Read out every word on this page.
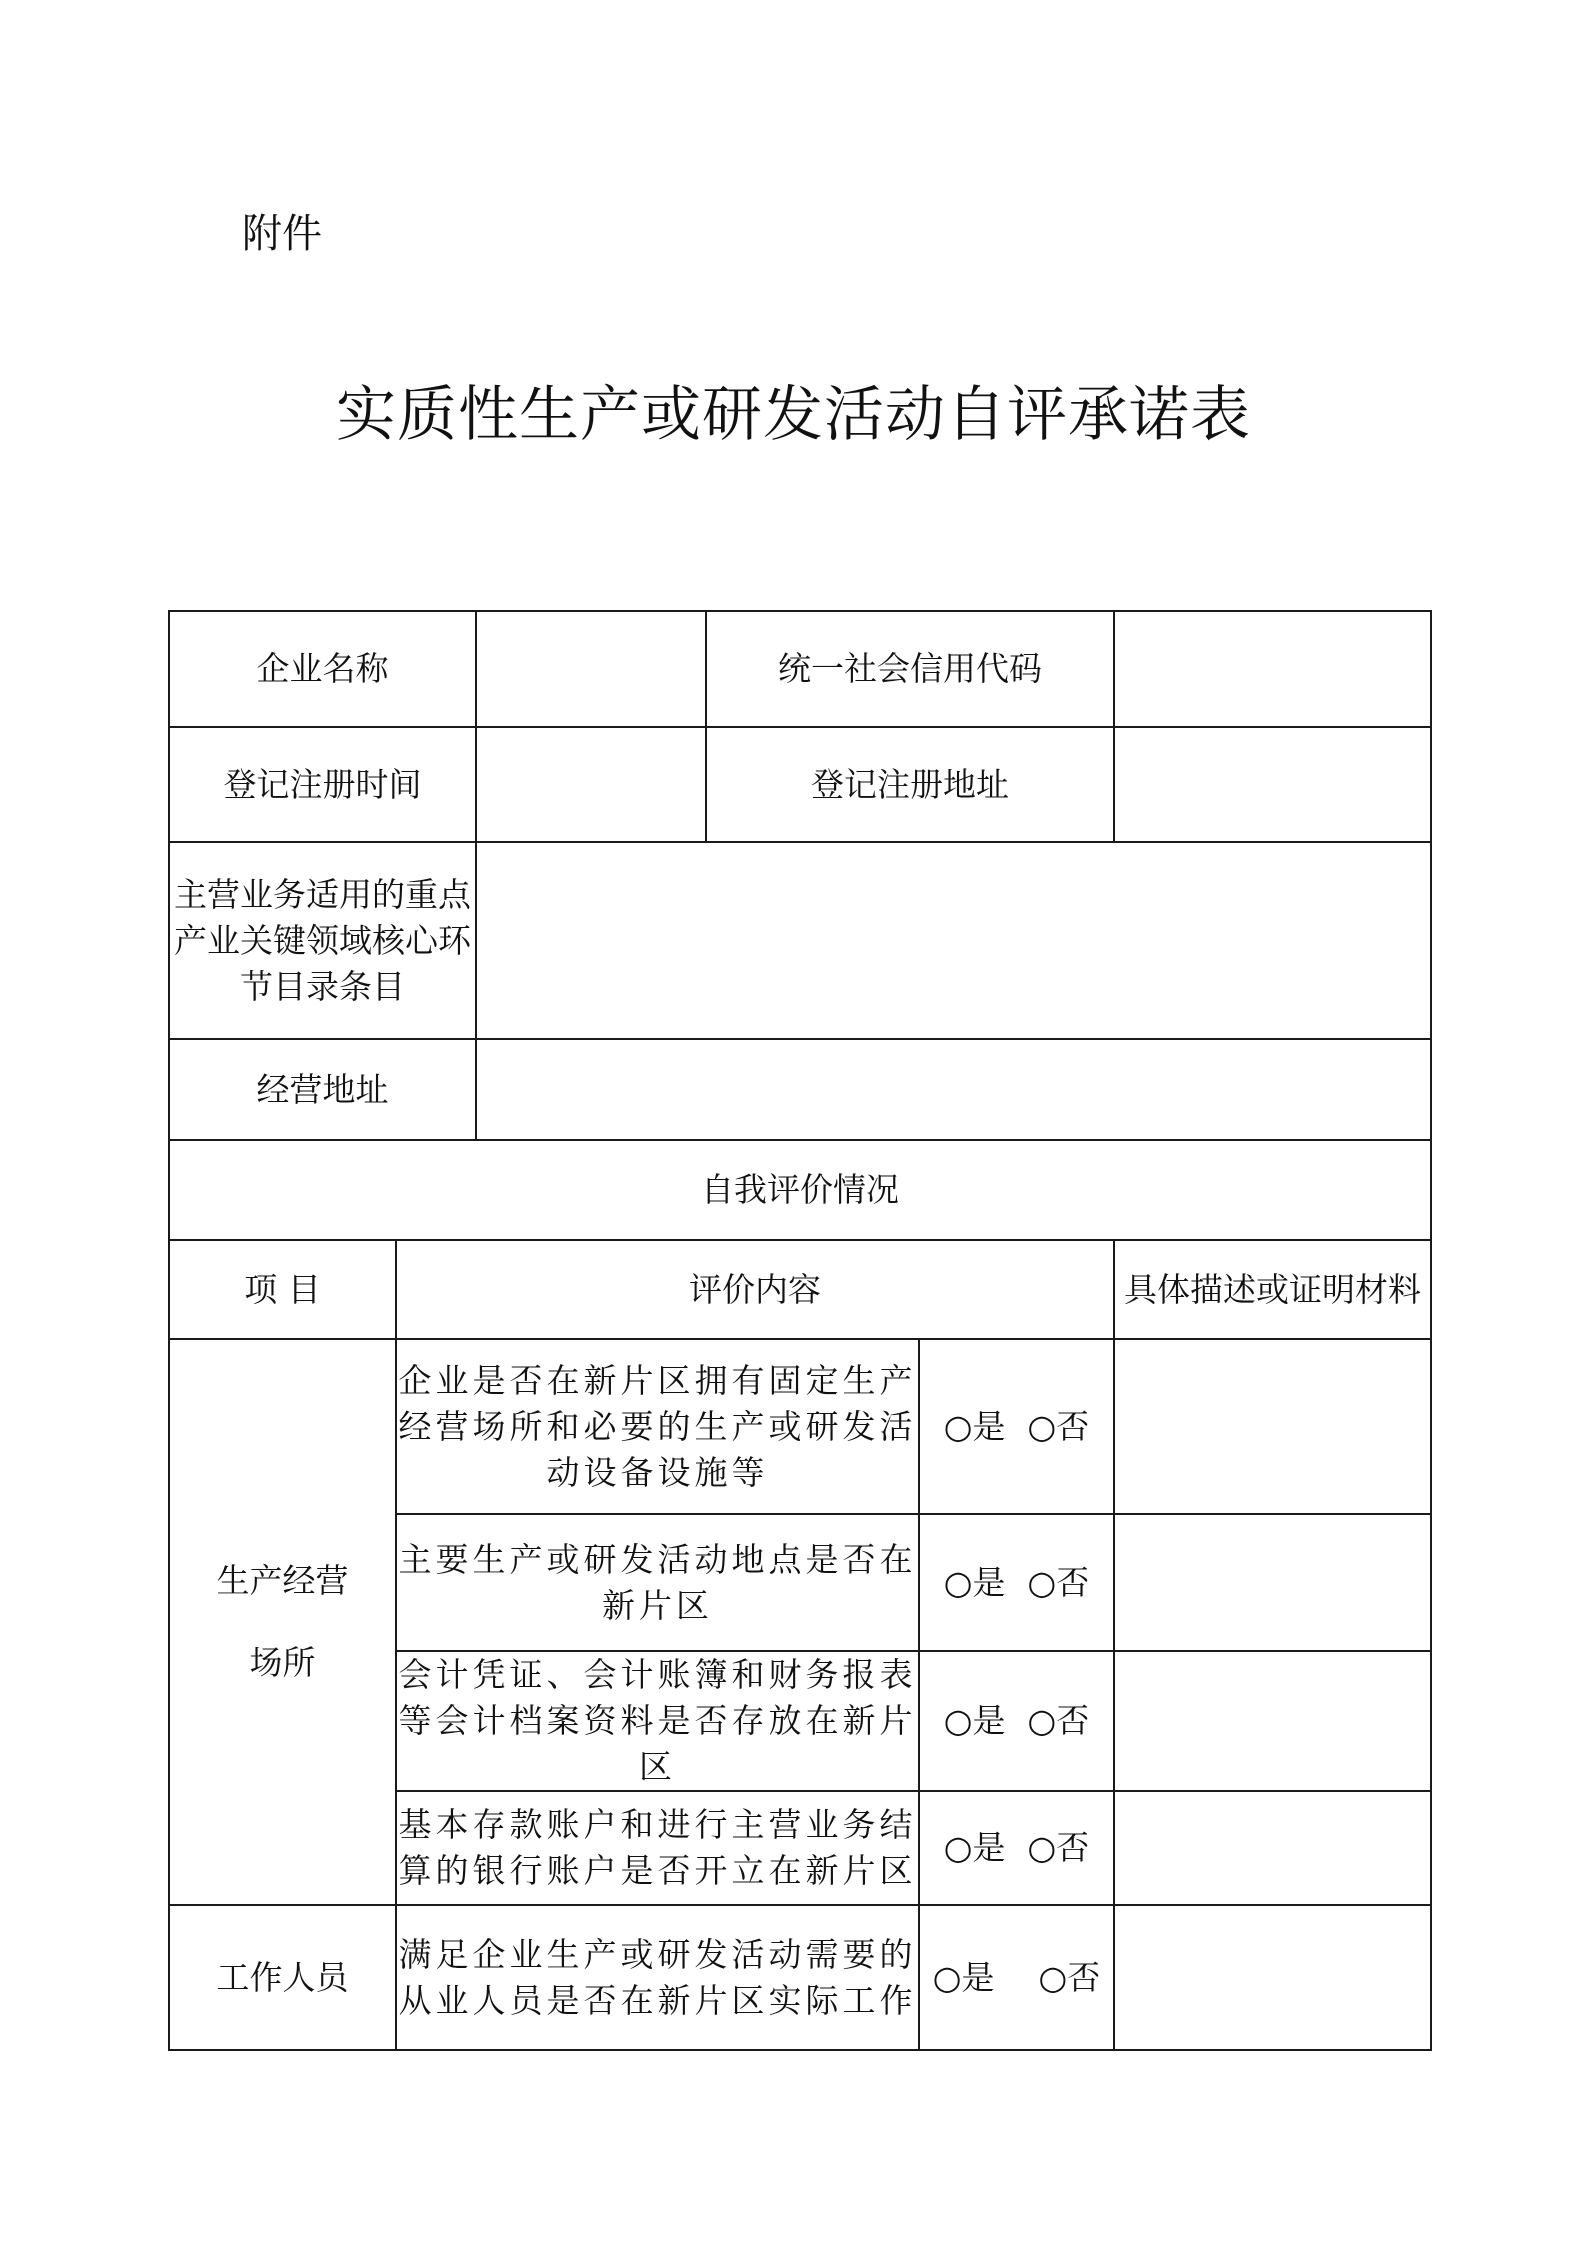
附件
实质性生产或研发活动自评承诺表
企业名称			统一社会信用代码		
登记注册时间			登记注册地址		
主营业务适用的重点产业关键领域核心环节目录条目					
经营地址					
自我评价情况					
项 目	评价内容				具体描述或证明材料

生产经营
场所	企业是否在新片区拥有固定生产经营场所和必要的生产或研发活动设备设施等			○是 ○否	
	主要生产或研发活动地点是否在新片区			○是 ○否	
	会计凭证、会计账簿和财务报表等会计档案资料是否存放在新片区			○是 ○否	
	基本存款账户和进行主营业务结算的银行账户是否开立在新片区			○是 ○否	
工作人员	满足企业生产或研发活动需要的从业人员是否在新片区实际工作			○是 ○否	
